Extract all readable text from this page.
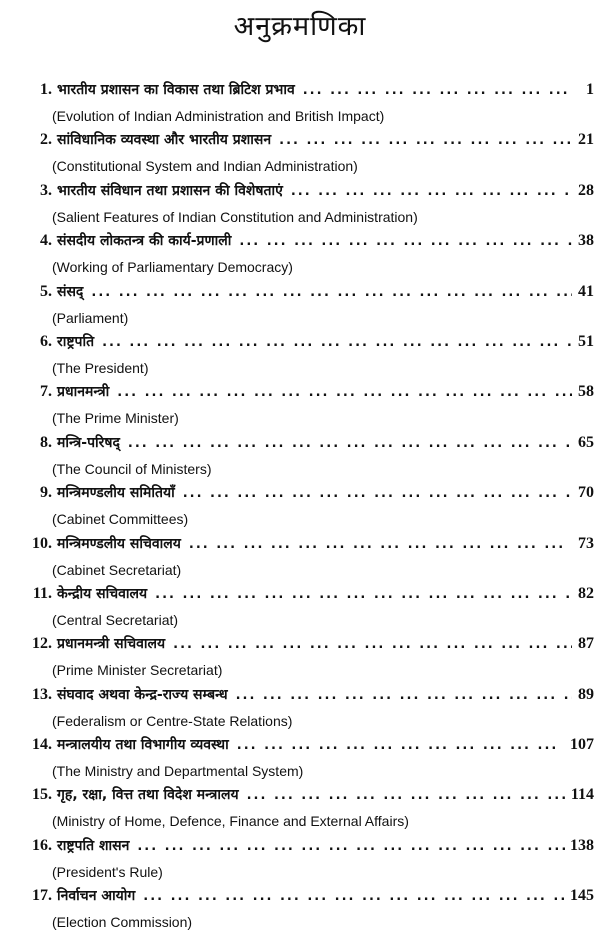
अनुक्रमणिका
1. भारतीय प्रशासन का विकास तथा ब्रिटिश प्रभाव ... .	1
(Evolution of Indian Administration and British Impact)
2. सांविधानिक व्यवस्था और भारतीय प्रशासन ... .	21
(Constitutional System and Indian Administration)
3. भारतीय संविधान तथा प्रशासन की विशेषताएं ... .	28
(Salient Features of Indian Constitution and Administration)
4. संसदीय लोकतन्त्र की कार्य-प्रणाली ... .	38
(Working of Parliamentary Democracy)
5. संसद् ... .	41
(Parliament)
6. राष्ट्रपति ... .	51
(The President)
7. प्रधानमन्त्री ... .	58
(The Prime Minister)
8. मन्त्रि-परिषद् ... .	65
(The Council of Ministers)
9. मन्त्रिमण्डलीय समितियाँ ... .	70
(Cabinet Committees)
10. मन्त्रिमण्डलीय सचिवालय ... .	73
(Cabinet Secretariat)
11. केन्द्रीय सचिवालय ... .	82
(Central Secretariat)
12. प्रधानमन्त्री सचिवालय ... .	87
(Prime Minister Secretariat)
13. संघवाद अथवा केन्द्र-राज्य सम्बन्ध ... .	89
(Federalism or Centre-State Relations)
14. मन्त्रालयीय तथा विभागीय व्यवस्था ... .	107
(The Ministry and Departmental System)
15. गृह, रक्षा, वित्त तथा विदेश मन्त्रालय ... .	114
(Ministry of Home, Defence, Finance and External Affairs)
16. राष्ट्रपति शासन ... .	138
(President's Rule)
17. निर्वाचन आयोग ... .	145
(Election Commission)
